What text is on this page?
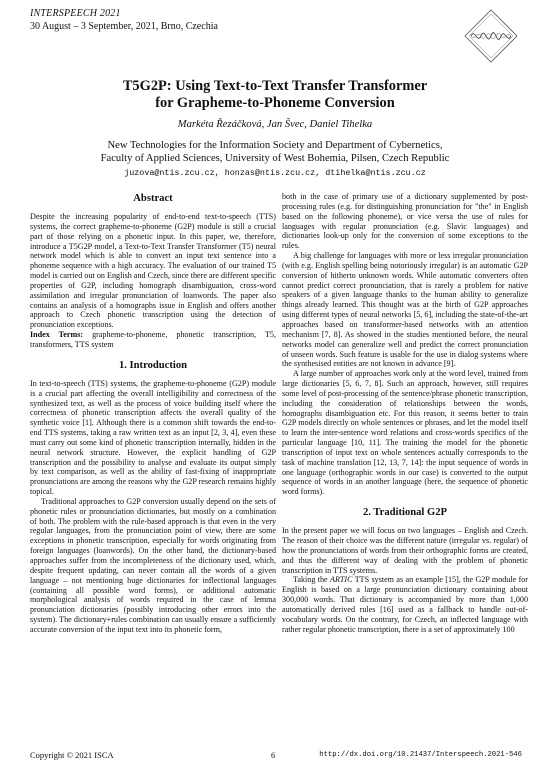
INTERSPEECH 2021
30 August – 3 September, 2021, Brno, Czechia
T5G2P: Using Text-to-Text Transfer Transformer
for Grapheme-to-Phoneme Conversion
Markéta Řezáčková, Jan Švec, Daniel Tihelka
New Technologies for the Information Society and Department of Cybernetics,
Faculty of Applied Sciences, University of West Bohemia, Pilsen, Czech Republic
juzova@ntis.zcu.cz, honzas@ntis.zcu.cz, dtihelka@ntis.zcu.cz
Abstract

Despite the increasing popularity of end-to-end text-to-speech (TTS) systems, the correct grapheme-to-phoneme (G2P) module is still a crucial part of those relying on a phonetic input. In this paper, we, therefore, introduce a T5G2P model, a Text-to-Text Transfer Transformer (T5) neural network model which is able to convert an input text sentence into a phoneme sequence with a high accuracy. The evaluation of our trained T5 model is carried out on English and Czech, since there are different specific properties of G2P, including homograph disambiguation, cross-word assimilation and irregular pronunciation of loanwords. The paper also contains an analysis of a homographs issue in English and offers another approach to Czech phonetic transcription using the detection of pronunciation exceptions.

Index Terms: grapheme-to-phoneme, phonetic transcription, T5, transformers, TTS system

1. Introduction

In text-to-speech (TTS) systems, the grapheme-to-phoneme (G2P) module is a crucial part affecting the overall intelligibility and correctness of the synthesized text, as well as the process of voice building itself where the correctness of phonetic transcription affects the overall quality of the synthetic voice [1]. Although there is a common shift towards the end-to-end TTS systems, taking a raw written text as an input [2, 3, 4], even these must carry out some kind of phonetic transcription internally, hidden in the neural network structure. However, the explicit handling of G2P transcription and the possibility to analyse and evaluate its output simply by text comparison, as well as the ability of fast-fixing of inappropriate pronunciations are among the reasons why the G2P research remains highly topical.

Traditional approaches to G2P conversion usually depend on the sets of phonetic rules or pronunciation dictionaries, but mostly on a combination of both. The problem with the rule-based approach is that even in the very regular languages, from the pronunciation point of view, there are some exceptions in phonetic transcription, especially for words originating from foreign languages (loanwords). On the other hand, the dictionary-based approaches suffer from the incompleteness of the dictionary used, which, despite frequent updating, can never contain all the words of a given language – not mentioning huge dictionaries for inflectional languages (containing all possible word forms), or additional automatic morphological analysis of words required in the case of lemma pronunciation dictionaries (possibly introducing other errors into the system). The dictionary+rules combination can usually ensure a sufficiently accurate conversion of the input text into its phonetic form,

both in the case of primary use of a dictionary supplemented by post-processing rules (e.g. for distinguishing pronunciation for "the" in English based on the following phoneme), or vice versa the use of rules for languages with regular pronunciation (e.g. Slavic languages) and dictionaries look-up only for the conversion of some exceptions to the rules.

A big challenge for languages with more or less irregular pronunciation (with e.g. English spelling being notoriously irregular) is an automatic G2P conversion of hitherto unknown words. While automatic converters often cannot predict correct pronunciation, that is rarely a problem for native speakers of a given language thanks to the human ability to generalize things already learned. This thought was at the birth of G2P approaches using different types of neural networks [5, 6], including the state-of-the-art approaches based on transformer-based networks with an attention mechanism [7, 8]. As showed in the studies mentioned before, the neural networks model can generalize well and predict the correct pronunciation of unseen words. Such feature is usable for the use in dialog systems where the synthesised entities are not known in advance [9].

A large number of approaches work only at the word level, trained from large dictionaries [5, 6, 7, 8]. Such an approach, however, still requires some level of post-processing of the sentence/phrase phonetic transcription, including the consideration of relationships between the words, homographs disambiguation etc. For this reason, it seems better to train G2P models directly on whole sentences or phrases, and let the model itself to learn the inter-sentence word relations and cross-words specifics of the particular language [10, 11]. The training the model for the phonetic transcription of input text on whole sentences actually corresponds to the task of machine translation [12, 13, 7, 14]: the input sequence of words in one language (orthographic words in our case) is converted to the output sequence of words in an another language (here, the sequence of phonetic word forms).

2. Traditional G2P

In the present paper we will focus on two languages – English and Czech. The reason of their choice was the different nature (irregular vs. regular) of how the pronunciations of words from their orthographic forms are created, and thus the different way of dealing with the problem of phonetic transcription in TTS systems.

Taking the ARTIC TTS system as an example [15], the G2P module for English is based on a large pronunciation dictionary containing about 300,000 words. That dictionary is accompanied by more than 1,000 automatically derived rules [16] used as a fallback to handle out-of-vocabulary words. On the contrary, for Czech, an inflected language with rather regular phonetic transcription, there is a set of approximately 100

Copyright © 2021 ISCA	6	http://dx.doi.org/10.21437/Interspeech.2021-546
